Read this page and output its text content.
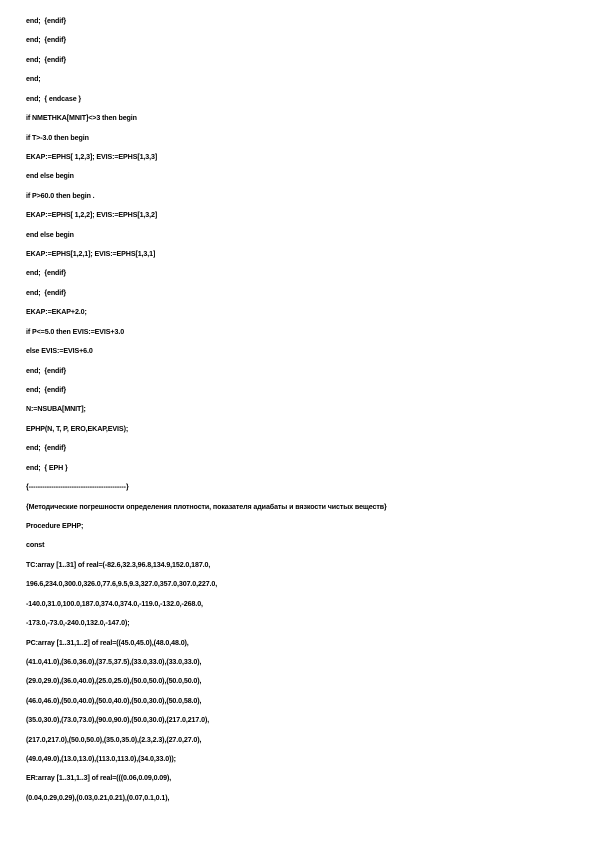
end;  {endif}
end;  {endif}
end;  {endif}
end;
end;  { endcase }
if NMETHKA[MNIT]<>3 then begin
if T>-3.0 then begin
EKAP:=EPHS[ 1,2,3]; EVIS:=EPHS[1,3,3]
end else begin
if P>60.0 then begin .
EKAP:=EPHS[ 1,2,2]; EVIS:=EPHS[1,3,2]
end else begin
EKAP:=EPHS[1,2,1]; EVIS:=EPHS[1,3,1]
end;  {endif}
end;  {endif}
EKAP:=EKAP+2.0;
if P<=5.0 then EVIS:=EVIS+3.0
else EVIS:=EVIS+6.0
end;  {endif}
end;  {endif}
N:=NSUBA[MNIT];
EPHP(N, T, P, ERO,EKAP,EVIS);
end;  {endif}
end;  { EPH }
{-------------------------------------------}
{Методические погрешности определения плотности, показателя адиабаты и вязкости чистых веществ}
Procedure EPHP;
const
TC:array [1..31] of real=(-82.6,32.3,96.8,134.9,152.0,187.0,
196.6,234.0,300.0,326.0,77.6,9.5,9.3,327.0,357.0,307.0,227.0,
-140.0,31.0,100.0,187.0,374.0,374.0,-119.0,-132.0,-268.0,
-173.0,-73.0,-240.0,132.0,-147.0);
PC:array [1..31,1..2] of real=((45.0,45.0),(48.0,48.0),
(41.0,41.0),(36.0,36.0),(37.5,37.5),(33.0,33.0),(33.0,33.0),
(29.0,29.0),(36.0,40.0),(25.0,25.0),(50.0,50.0),(50.0,50.0),
(46.0,46.0),(50.0,40.0),(50.0,40.0),(50.0,30.0),(50.0,58.0),
(35.0,30.0),(73.0,73.0),(90.0,90.0),(50.0,30.0),(217.0,217.0),
(217.0,217.0),(50.0,50.0),(35.0,35.0),(2.3,2.3),(27.0,27.0),
(49.0,49.0),(13.0,13.0),(113.0,113.0),(34.0,33.0));
ER:array [1..31,1..3] of real=(((0.06,0.09,0.09),
(0.04,0.29,0.29),(0.03,0.21,0.21),(0.07,0.1,0.1),
